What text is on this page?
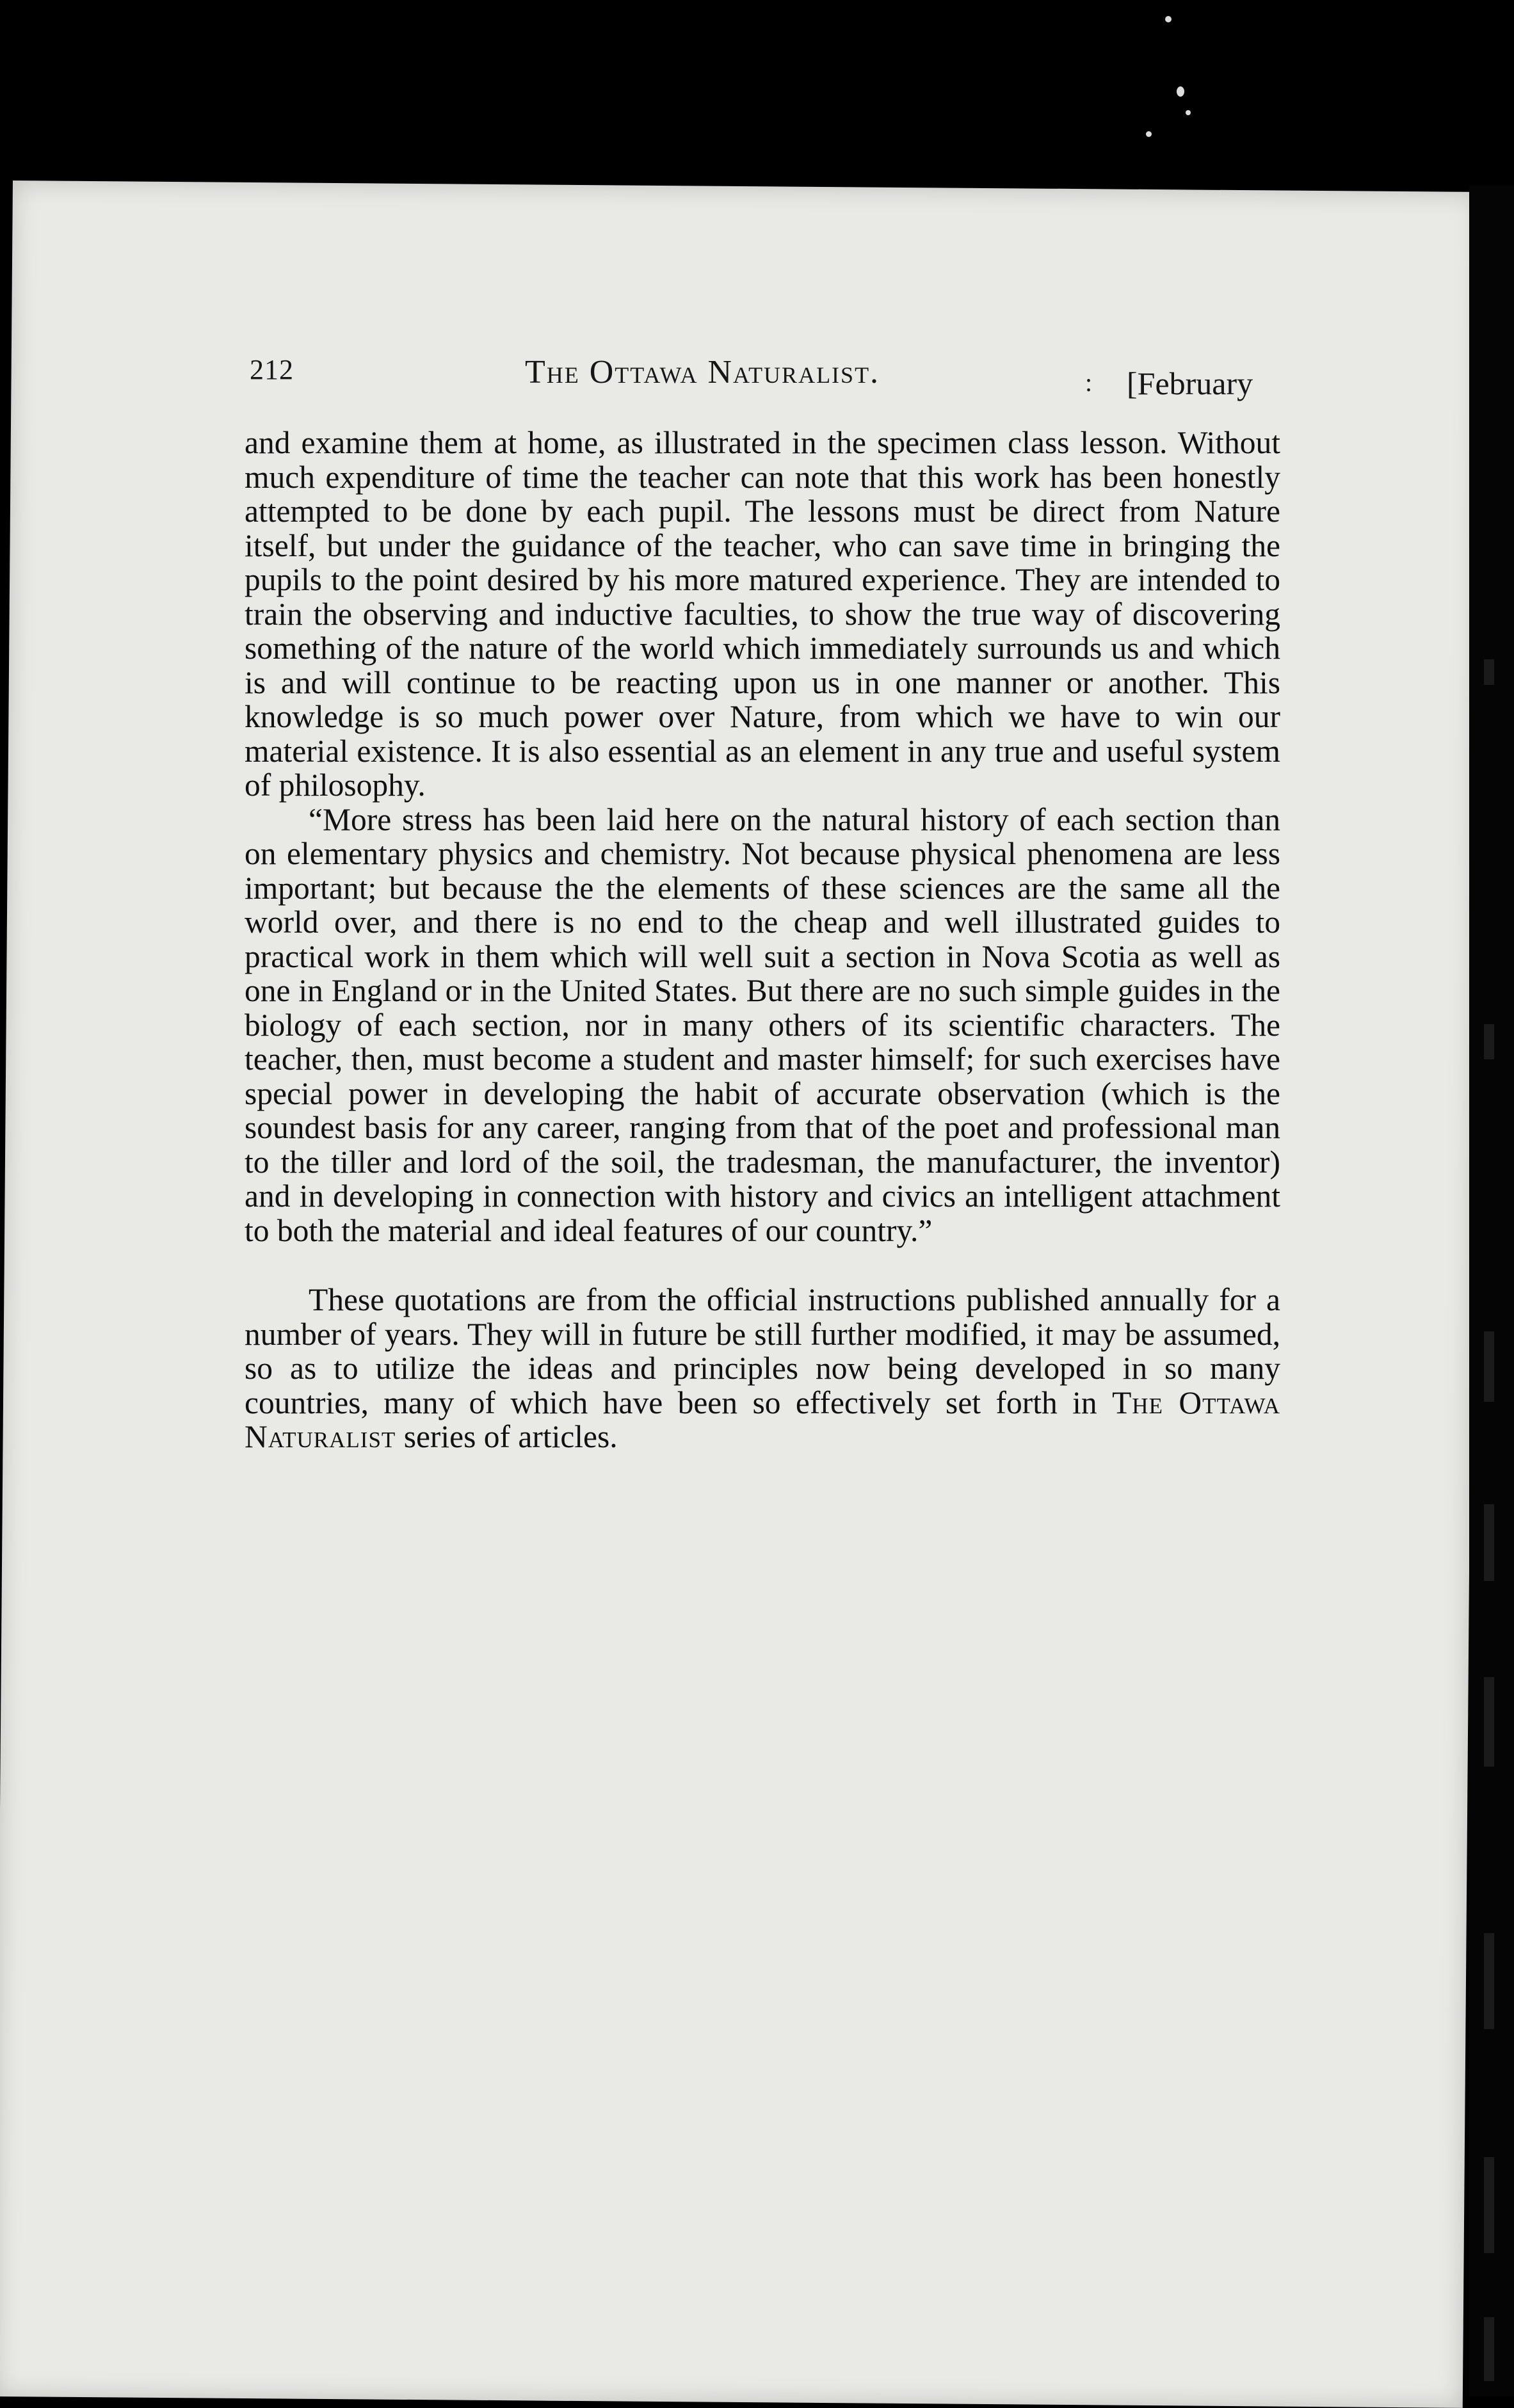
212	The Ottawa Naturalist.	: [February

and examine them at home, as illustrated in the specimen class lesson. Without much expenditure of time the teacher can note that this work has been honestly attempted to be done by each pupil. The lessons must be direct from Nature itself, but under the guidance of the teacher, who can save time in bringing the pupils to the point desired by his more matured experience. They are intended to train the observing and inductive faculties, to show the true way of discovering something of the nature of the world which immediately surrounds us and which is and will continue to be reacting upon us in one manner or another. This knowledge is so much power over Nature, from which we have to win our material existence. It is also essential as an element in any true and useful system of philosophy.

“More stress has been laid here on the natural history of each section than on elementary physics and chemistry. Not because physical phenomena are less important; but because the the elements of these sciences are the same all the world over, and there is no end to the cheap and well illustrated guides to practical work in them which will well suit a section in Nova Scotia as well as one in England or in the United States. But there are no such simple guides in the biology of each section, nor in many others of its scientific characters. The teacher, then, must become a student and master himself; for such exercises have special power in developing the habit of accurate observation (which is the soundest basis for any career, ranging from that of the poet and professional man to the tiller and lord of the soil, the tradesman, the manufacturer, the inventor) and in developing in connection with history and civics an intelligent attachment to both the material and ideal features of our country.”

These quotations are from the official instructions published annually for a number of years. They will in future be still further modified, it may be assumed, so as to utilize the ideas and principles now being developed in so many countries, many of which have been so effectively set forth in The Ottawa Naturalist series of articles.
